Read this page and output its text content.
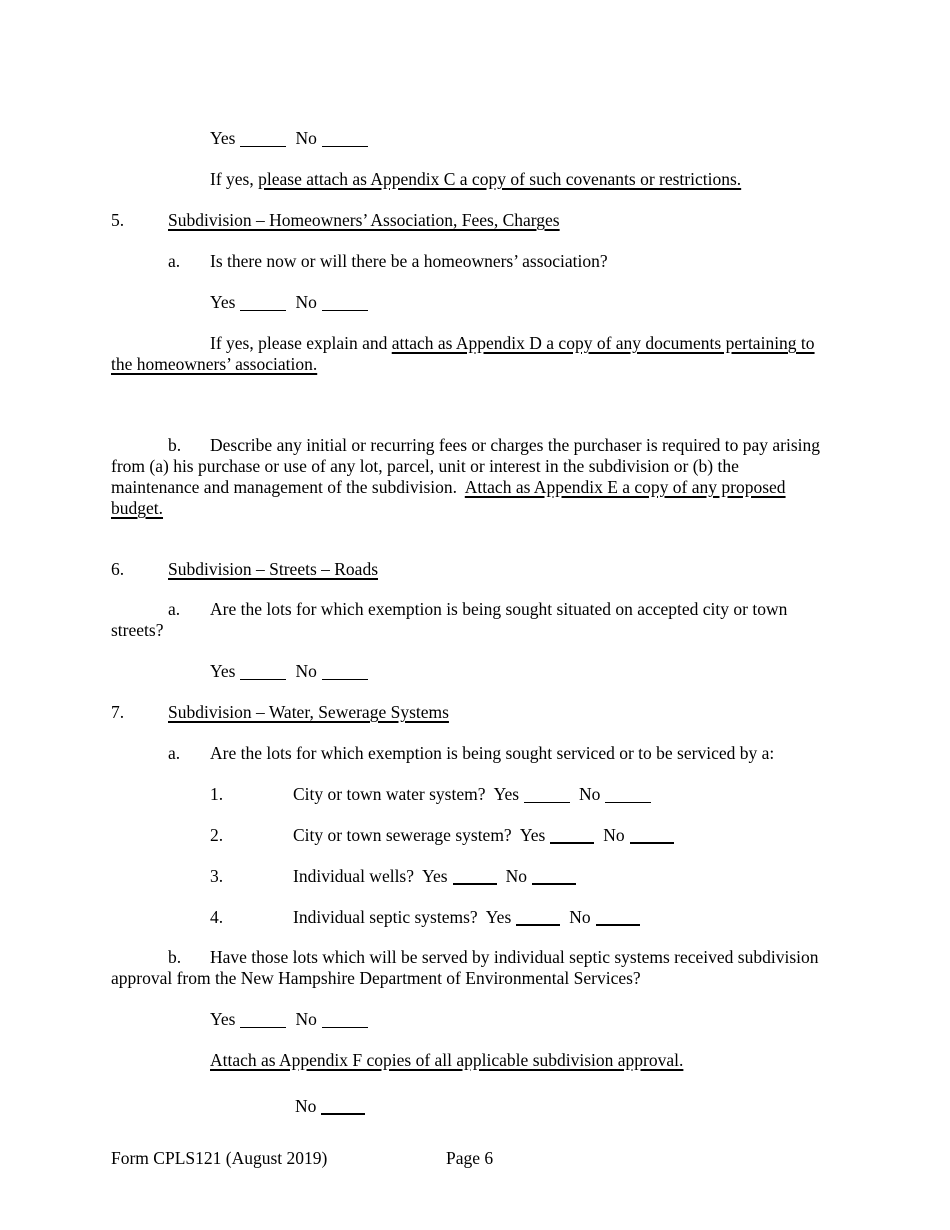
Yes	No
If yes, please attach as Appendix C a copy of such covenants or restrictions.
5.	Subdivision – Homeowners’ Association, Fees, Charges
a. Is there now or will there be a homeowners’ association?
Yes	No
If yes, please explain and attach as Appendix D a copy of any documents pertaining to
the homeowners’ association.
b. Describe any initial or recurring fees or charges the purchaser is required to pay arising
from (a) his purchase or use of any lot, parcel, unit or interest in the subdivision or (b) the
maintenance and management of the subdivision.  Attach as Appendix E a copy of any proposed
budget.
6.	Subdivision – Streets – Roads
a. Are the lots for which exemption is being sought situated on accepted city or town
streets?
Yes	No
7.	Subdivision – Water, Sewerage Systems
a. Are the lots for which exemption is being sought serviced or to be serviced by a:
1.	City or town water system?  Yes	No
2.	City or town sewerage system?  Yes	No
3.	Individual wells?  Yes	No
4.	Individual septic systems?  Yes	No
b. Have those lots which will be served by individual septic systems received subdivision
approval from the New Hampshire Department of Environmental Services?
Yes	No
Attach as Appendix F copies of all applicable subdivision approval.
No
Form CPLS121 (August 2019)	Page 6
